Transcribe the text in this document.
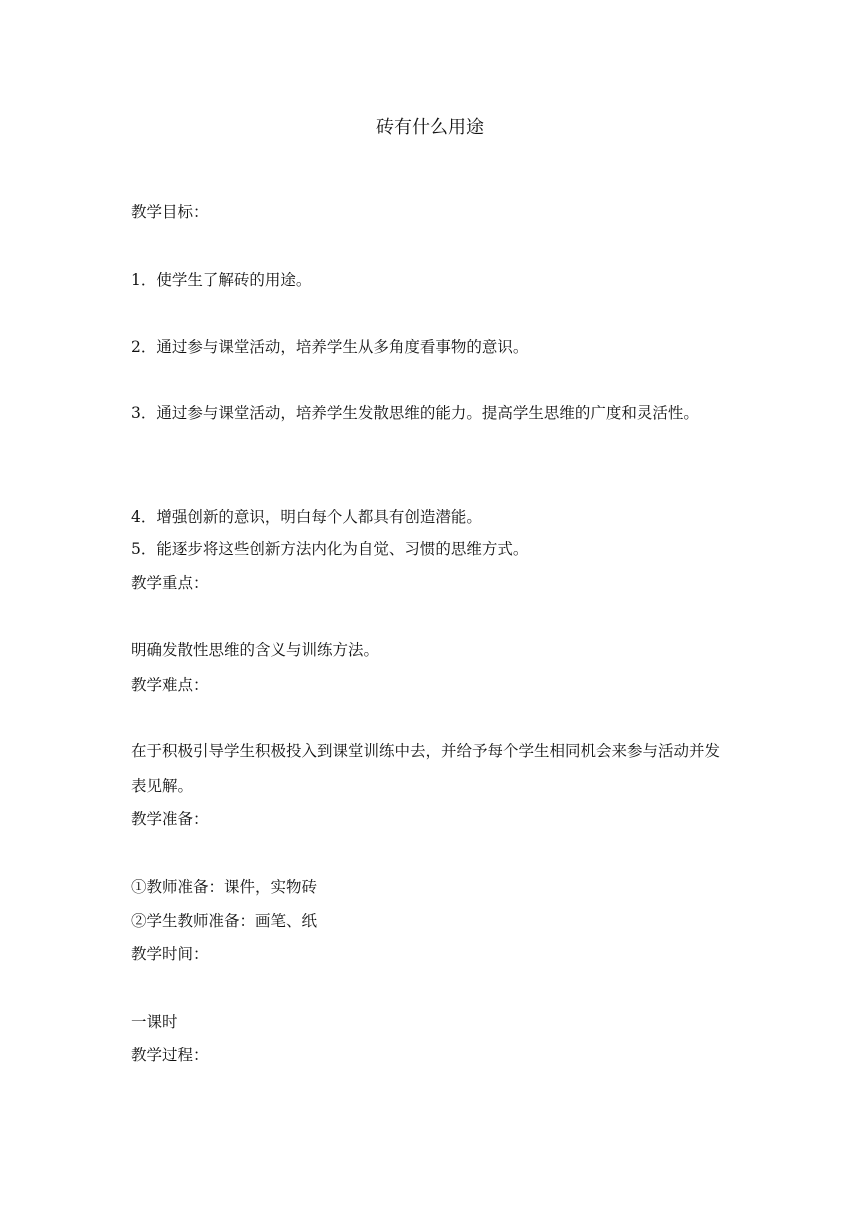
砖有什么用途
教学目标：
1．使学生了解砖的用途。
2．通过参与课堂活动，培养学生从多角度看事物的意识。
3．通过参与课堂活动，培养学生发散思维的能力。提高学生思维的广度和灵活性。
4．增强创新的意识，明白每个人都具有创造潜能。
5．能逐步将这些创新方法内化为自觉、习惯的思维方式。
教学重点：
明确发散性思维的含义与训练方法。
教学难点：
在于积极引导学生积极投入到课堂训练中去，并给予每个学生相同机会来参与活动并发表见解。
教学准备：
①教师准备：课件，实物砖
②学生教师准备：画笔、纸
教学时间：
一课时
教学过程：
